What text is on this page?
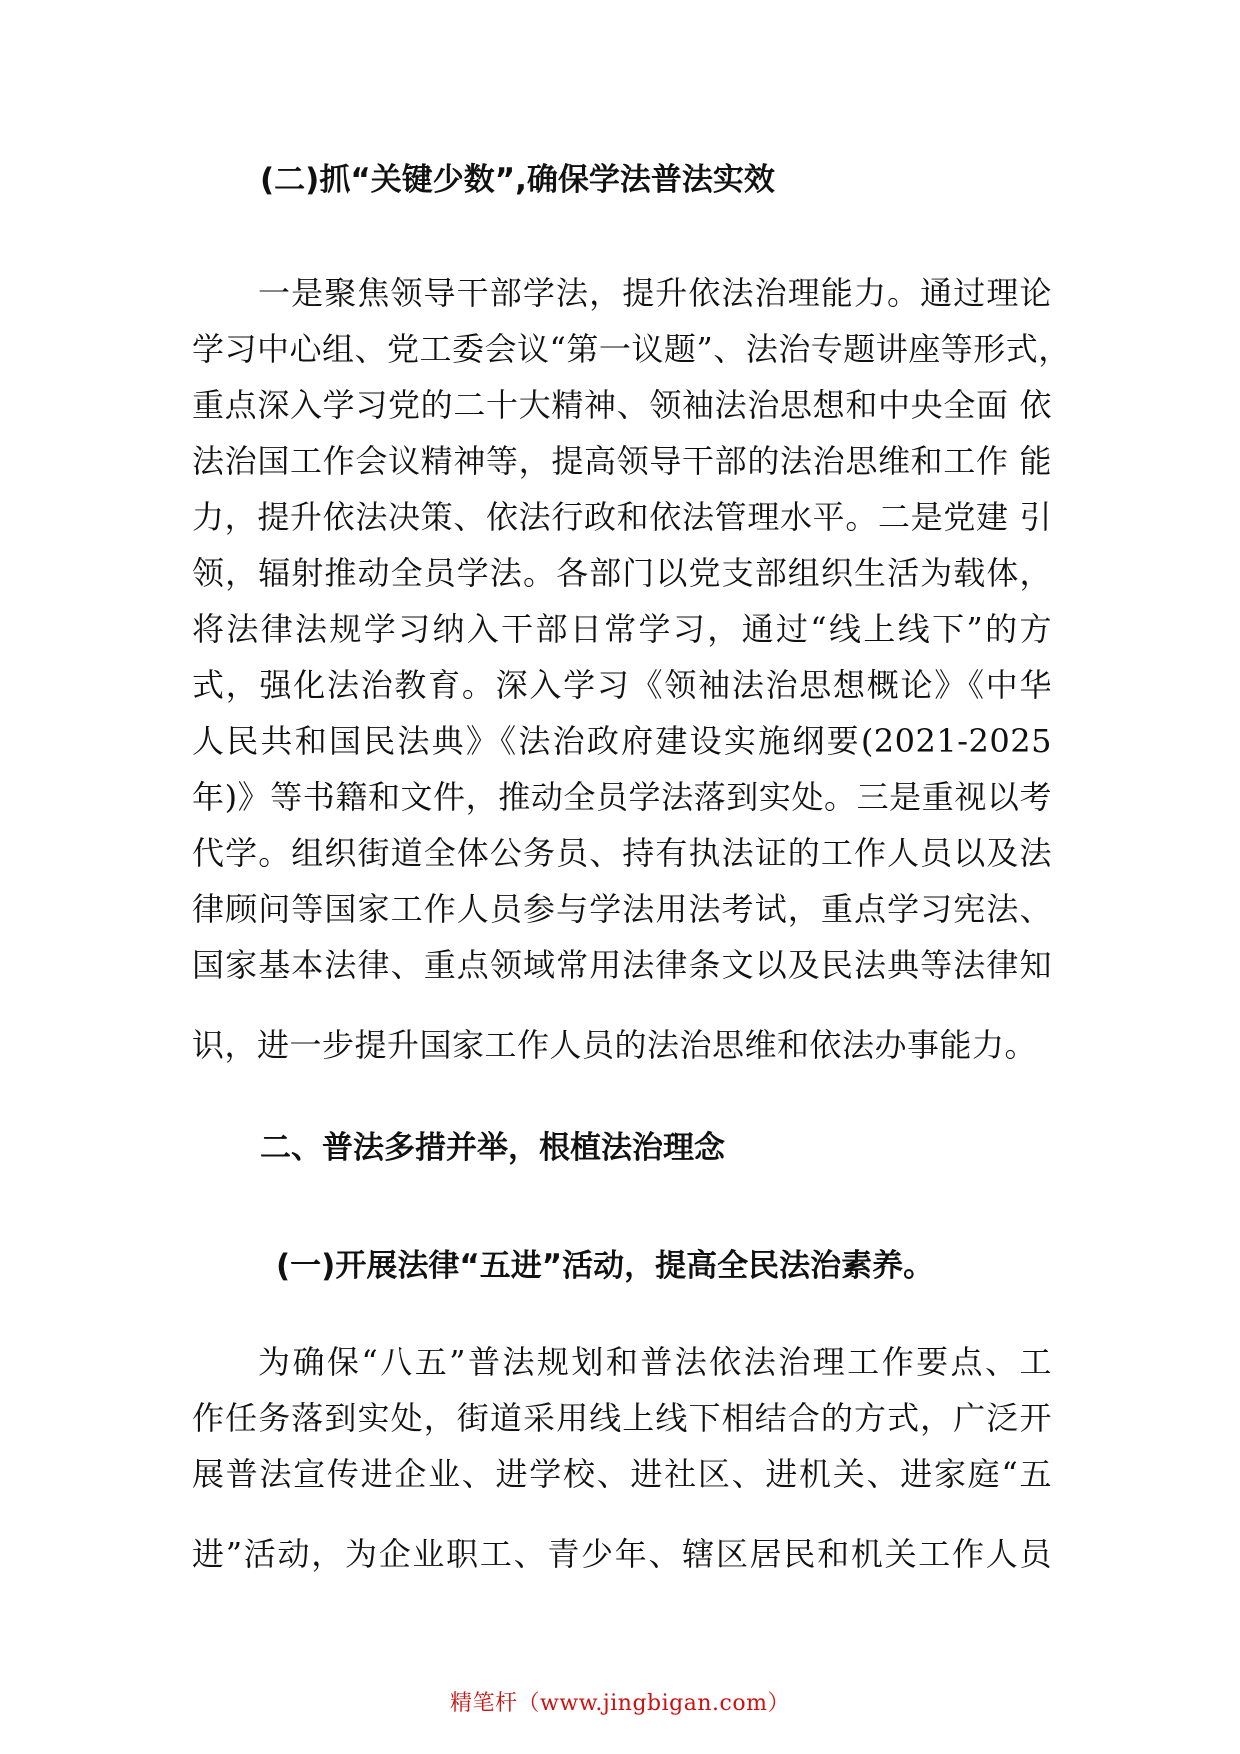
(二)抓“关键少数”,确保学法普法实效
一是聚焦领导干部学法，提升依法治理能力。通过理论
学习中心组、党工委会议“第一议题”、法治专题讲座等形式，
重点深入学习党的二十大精神、领袖法治思想和中央全面 依
法治国工作会议精神等，提高领导干部的法治思维和工作 能
力，提升依法决策、依法行政和依法管理水平。二是党建 引
领，辐射推动全员学法。各部门以党支部组织生活为载体，
将法律法规学习纳入干部日常学习，通过“线上线下”的方
式，强化法治教育。深入学习《领袖法治思想概论》《中华
人民共和国民法典》《法治政府建设实施纲要(2021-2025
年)》等书籍和文件，推动全员学法落到实处。三是重视以考
代学。组织街道全体公务员、持有执法证的工作人员以及法
律顾问等国家工作人员参与学法用法考试，重点学习宪法、
国家基本法律、重点领域常用法律条文以及民法典等法律知
识，进一步提升国家工作人员的法治思维和依法办事能力。
二、普法多措并举，根植法治理念
(一)开展法律“五进”活动，提高全民法治素养。
为确保“八五”普法规划和普法依法治理工作要点、工
作任务落到实处，街道采用线上线下相结合的方式，广泛开
展普法宣传进企业、进学校、进社区、进机关、进家庭“五
进”活动，为企业职工、青少年、辖区居民和机关工作人员
精笔杆（www.jingbigan.com）
